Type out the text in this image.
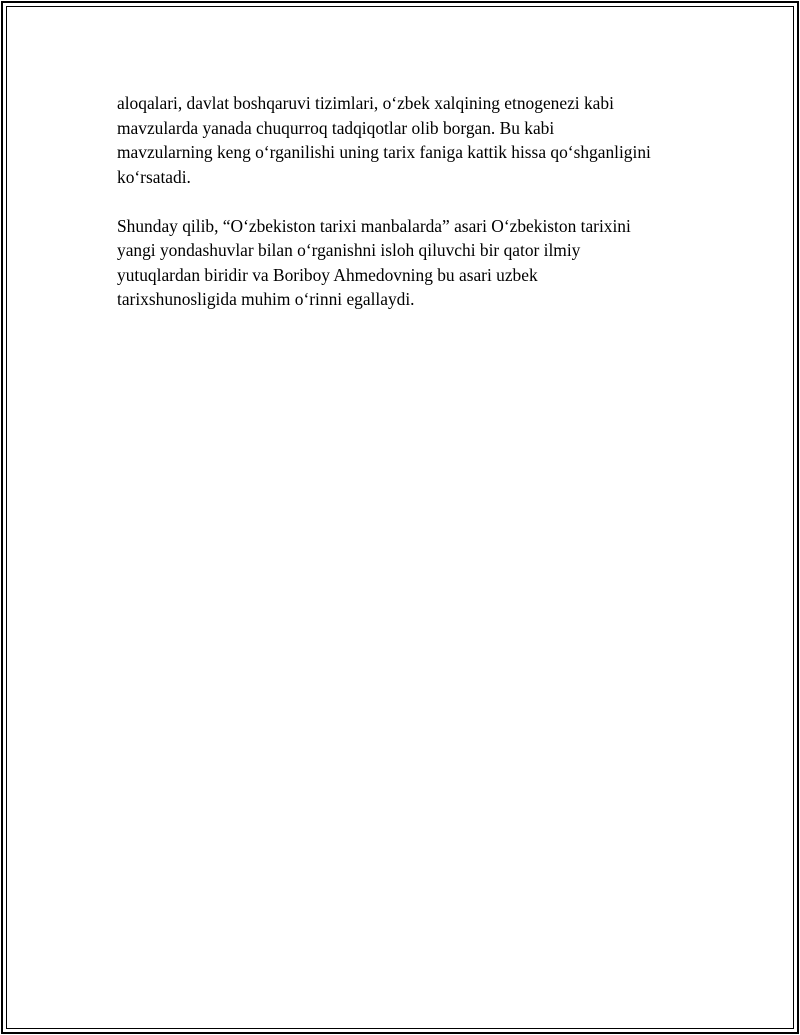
aloqalari, davlat boshqaruvi tizimlari, o‘zbek xalqining etnogenezi kabi
mavzularda yanada chuqurroq tadqiqotlar olib borgan. Bu kabi
mavzularning keng o‘rganilishi uning tarix faniga kattik hissa qo‘shganligini
ko‘rsatadi.

Shunday qilib, “O‘zbekiston tarixi manbalarda” asari O‘zbekiston tarixini
yangi yondashuvlar bilan o‘rganishni isloh qiluvchi bir qator ilmiy
yutuqlardan biridir va Boriboy Ahmedovning bu asari uzbek
tarixshunosligida muhim o‘rinni egallaydi.
